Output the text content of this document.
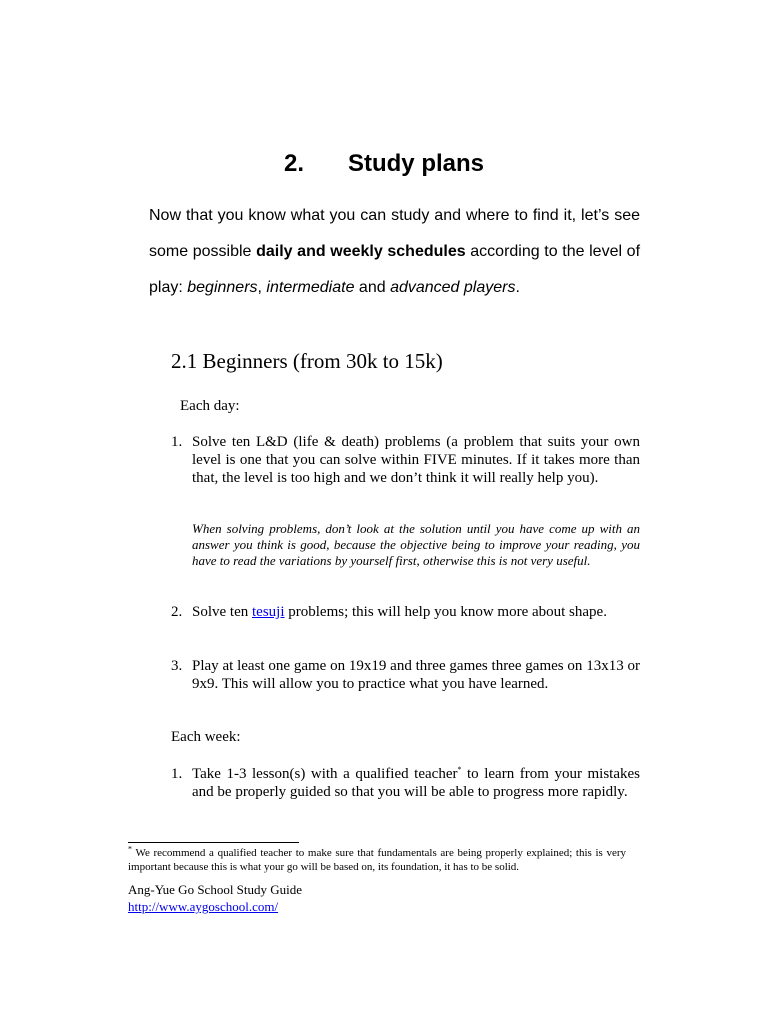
2. Study plans
Now that you know what you can study and where to find it, let’s see some possible daily and weekly schedules according to the level of play: beginners, intermediate and advanced players.
2.1 Beginners (from 30k to 15k)
Each day:
1. Solve ten L&D (life & death) problems (a problem that suits your own level is one that you can solve within FIVE minutes. If it takes more than that, the level is too high and we don’t think it will really help you).
When solving problems, don’t look at the solution until you have come up with an answer you think is good, because the objective being to improve your reading, you have to read the variations by yourself first, otherwise this is not very useful.
2. Solve ten tesuji problems; this will help you know more about shape.
3. Play at least one game on 19x19 and three games three games on 13x13 or 9x9. This will allow you to practice what you have learned.
Each week:
1. Take 1-3 lesson(s) with a qualified teacher* to learn from your mistakes and be properly guided so that you will be able to progress more rapidly.
* We recommend a qualified teacher to make sure that fundamentals are being properly explained; this is very important because this is what your go will be based on, its foundation, it has to be solid.
Ang-Yue Go School Study Guide
http://www.aygoschool.com/
